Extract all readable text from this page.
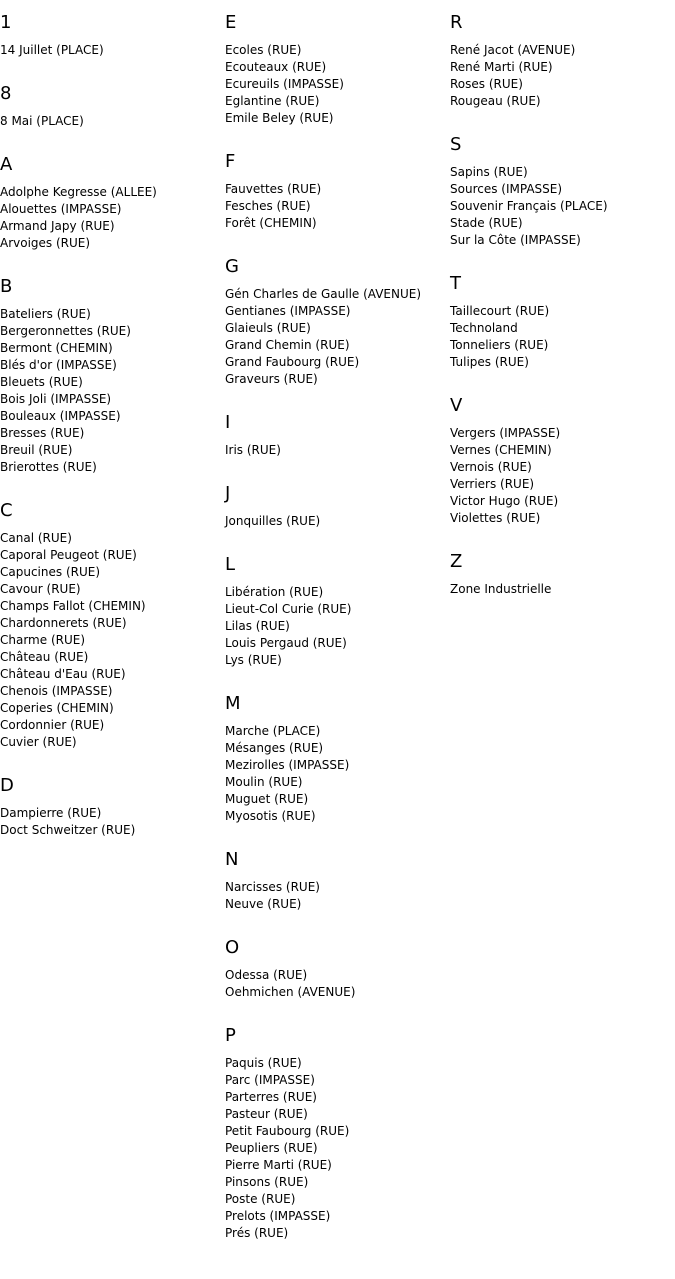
1
14 Juillet (PLACE)
8
8 Mai (PLACE)
A
Adolphe Kegresse (ALLEE)
Alouettes (IMPASSE)
Armand Japy (RUE)
Arvoiges (RUE)
B
Bateliers (RUE)
Bergeronnettes (RUE)
Bermont (CHEMIN)
Blés d'or (IMPASSE)
Bleuets (RUE)
Bois Joli (IMPASSE)
Bouleaux (IMPASSE)
Bresses (RUE)
Breuil (RUE)
Brierottes (RUE)
C
Canal (RUE)
Caporal Peugeot (RUE)
Capucines (RUE)
Cavour (RUE)
Champs Fallot (CHEMIN)
Chardonnerets (RUE)
Charme (RUE)
Château (RUE)
Château d'Eau (RUE)
Chenois (IMPASSE)
Coperies (CHEMIN)
Cordonnier (RUE)
Cuvier (RUE)
D
Dampierre (RUE)
Doct Schweitzer (RUE)
E
Ecoles (RUE)
Ecouteaux (RUE)
Ecureuils (IMPASSE)
Eglantine (RUE)
Emile Beley (RUE)
F
Fauvettes (RUE)
Fesches (RUE)
Forêt (CHEMIN)
G
Gén Charles de Gaulle (AVENUE)
Gentianes (IMPASSE)
Glaieuls (RUE)
Grand Chemin (RUE)
Grand Faubourg (RUE)
Graveurs (RUE)
I
Iris (RUE)
J
Jonquilles (RUE)
L
Libération (RUE)
Lieut-Col Curie (RUE)
Lilas (RUE)
Louis Pergaud (RUE)
Lys (RUE)
M
Marche (PLACE)
Mésanges (RUE)
Mezirolles (IMPASSE)
Moulin (RUE)
Muguet (RUE)
Myosotis (RUE)
N
Narcisses (RUE)
Neuve (RUE)
O
Odessa (RUE)
Oehmichen (AVENUE)
P
Paquis (RUE)
Parc (IMPASSE)
Parterres (RUE)
Pasteur (RUE)
Petit Faubourg (RUE)
Peupliers (RUE)
Pierre Marti (RUE)
Pinsons (RUE)
Poste (RUE)
Prelots (IMPASSE)
Prés (RUE)
R
René Jacot (AVENUE)
René Marti (RUE)
Roses (RUE)
Rougeau (RUE)
S
Sapins (RUE)
Sources (IMPASSE)
Souvenir Français (PLACE)
Stade (RUE)
Sur la Côte (IMPASSE)
T
Taillecourt (RUE)
Technoland
Tonneliers (RUE)
Tulipes (RUE)
V
Vergers (IMPASSE)
Vernes (CHEMIN)
Vernois (RUE)
Verriers (RUE)
Victor Hugo (RUE)
Violettes (RUE)
Z
Zone Industrielle
